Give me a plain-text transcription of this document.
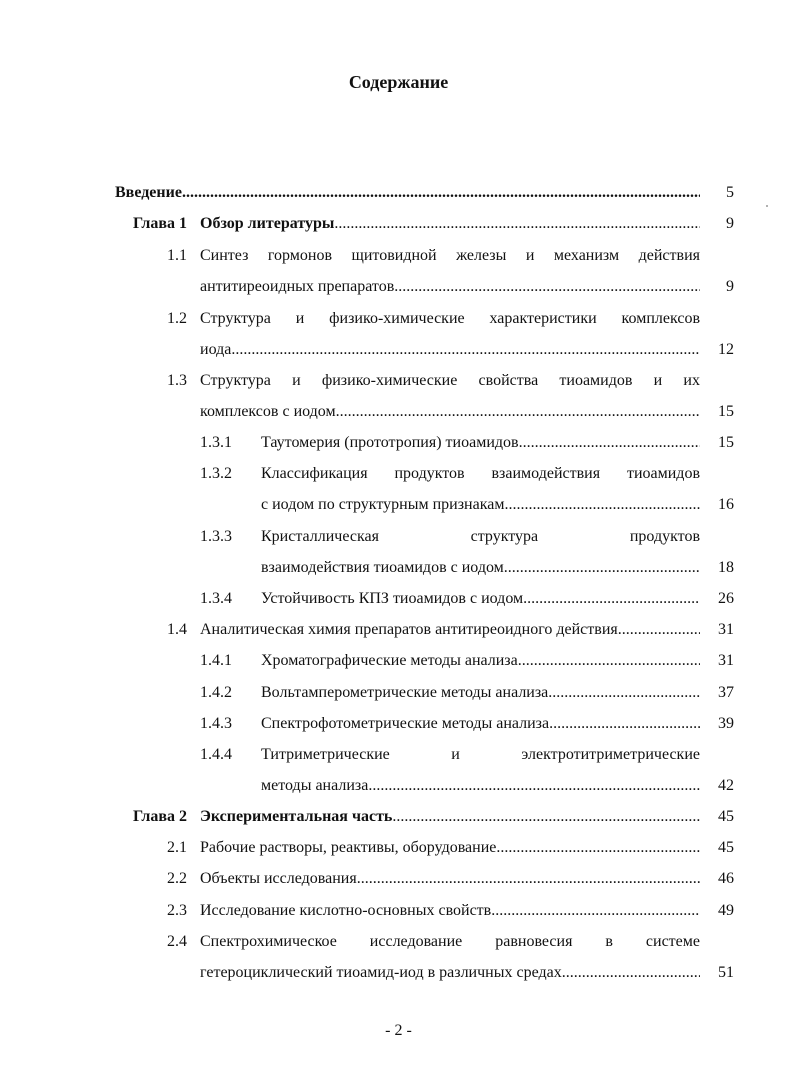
Содержание
Введение .....	5
Глава 1 Обзор литературы .....	9
1.1 Синтез гормонов щитовидной железы и механизм действия
антитиреоидных препаратов .....	9
1.2 Структура и физико-химические характеристики комплексов
иода .....	12
1.3 Структура и физико-химические свойства тиоамидов и их
комплексов с иодом .....	15
1.3.1 Таутомерия (прототропия) тиоамидов .....	15
1.3.2 Классификация продуктов взаимодействия тиоамидов
с иодом по структурным признакам .....	16
1.3.3 Кристаллическая структура продуктов
взаимодействия тиоамидов с иодом .....	18
1.3.4 Устойчивость КПЗ тиоамидов с иодом .....	26
1.4 Аналитическая химия препаратов антитиреоидного действия .....	31
1.4.1 Хроматографические методы анализа .....	31
1.4.2 Вольтамперометрические методы анализа .....	37
1.4.3 Спектрофотометрические методы анализа .....	39
1.4.4 Титриметрические и электротитриметрические
методы анализа .....	42
Глава 2 Экспериментальная часть .....	45
2.1 Рабочие растворы, реактивы, оборудование .....	45
2.2 Объекты исследования .....	46
2.3 Исследование кислотно-основных свойств .....	49
2.4 Спектрохимическое исследование равновесия в системе
гетероциклический тиоамид-иод в различных средах .....	51
- 2 -
